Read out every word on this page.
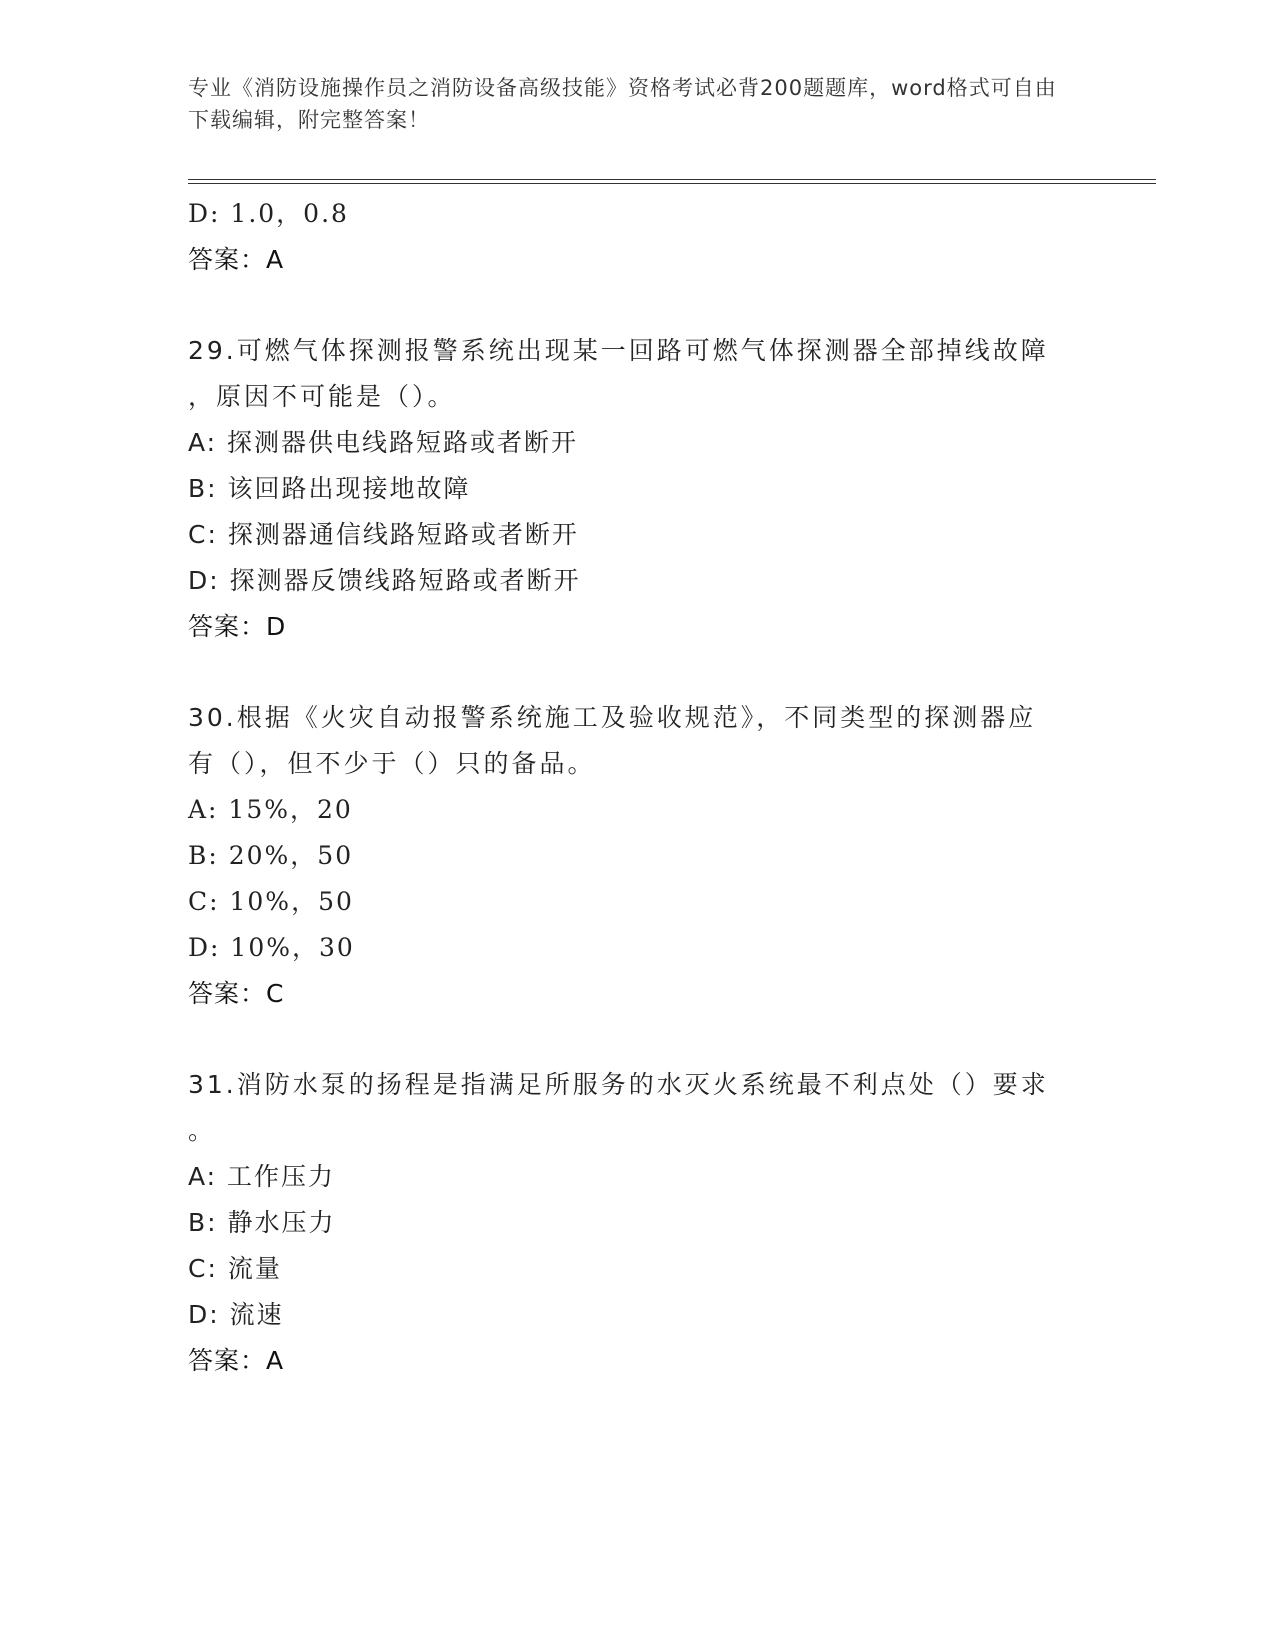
专业《消防设施操作员之消防设备高级技能》资格考试必背200题题库，word格式可自由下载编辑，附完整答案！
D: 1.0，0.8
答案：A
29.可燃气体探测报警系统出现某一回路可燃气体探测器全部掉线故障
，原因不可能是（）。
A: 探测器供电线路短路或者断开
B: 该回路出现接地故障
C: 探测器通信线路短路或者断开
D: 探测器反馈线路短路或者断开
答案：D
30.根据《火灾自动报警系统施工及验收规范》，不同类型的探测器应
有（），但不少于（）只的备品。
A: 15%，20
B: 20%，50
C: 10%，50
D: 10%，30
答案：C
31.消防水泵的扬程是指满足所服务的水灭火系统最不利点处（）要求
。
A: 工作压力
B: 静水压力
C: 流量
D: 流速
答案：A
